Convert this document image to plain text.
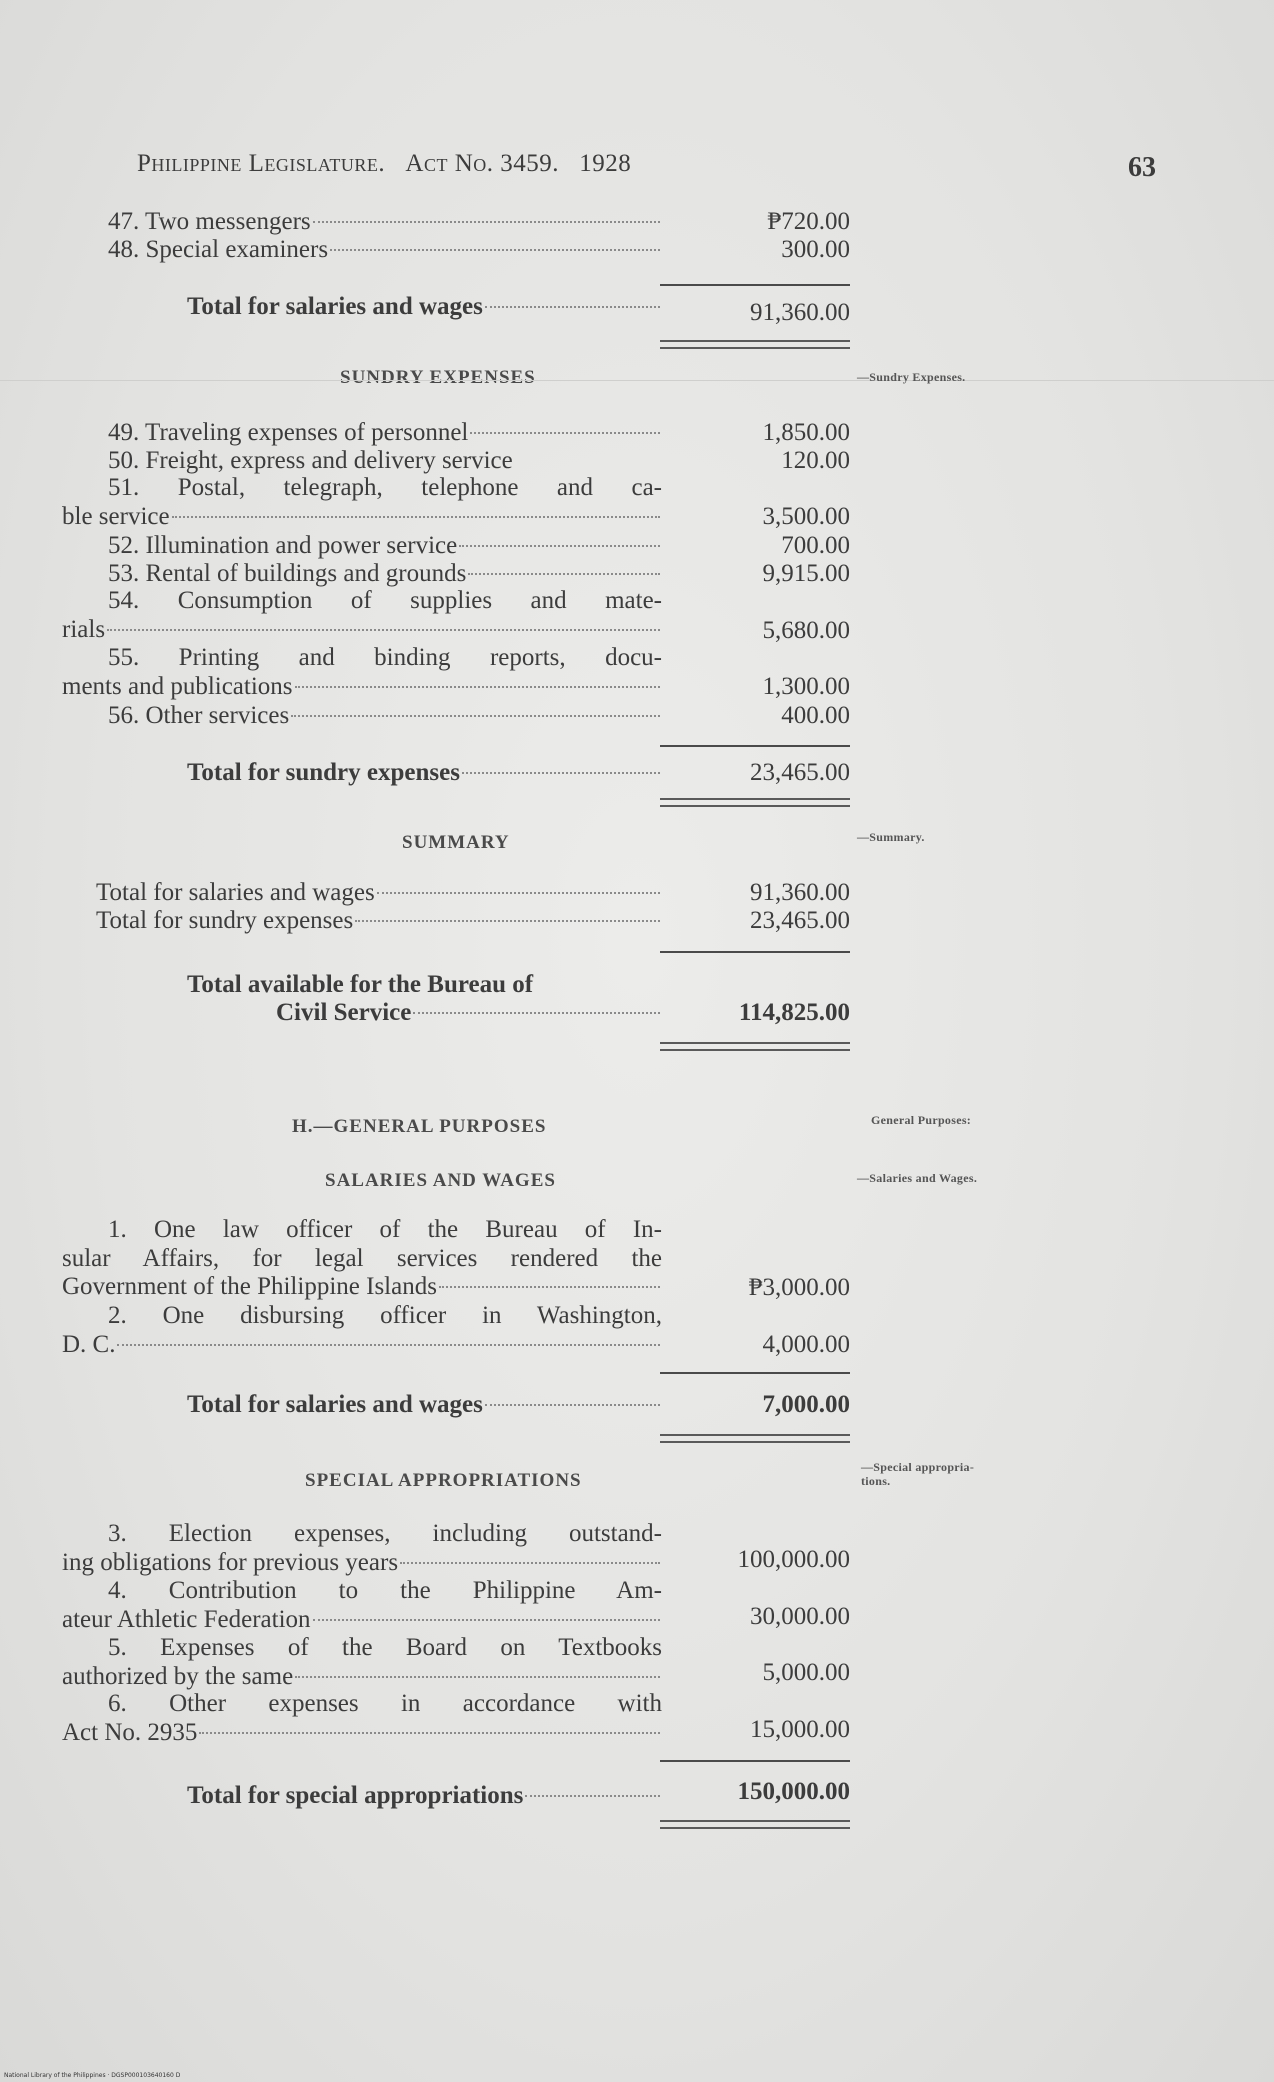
Philippine Legislature. Act No. 3459. 1928	63
47. Two messengers	₱720.00
48. Special examiners	300.00
Total for salaries and wages	91,360.00
SUNDRY EXPENSES	—Sundry Expenses.
49. Traveling expenses of personnel	1,850.00
50. Freight, express and delivery service	120.00
51. Postal, telegraph, telephone and ca-
ble service	3,500.00
52. Illumination and power service	700.00
53. Rental of buildings and grounds	9,915.00
54. Consumption of supplies and mate-
rials	5,680.00
55. Printing and binding reports, docu-
ments and publications	1,300.00
56. Other services	400.00
Total for sundry expenses	23,465.00
SUMMARY	—Summary.
Total for salaries and wages	91,360.00
Total for sundry expenses	23,465.00
Total available for the Bureau of
Civil Service	114,825.00
H.—GENERAL PURPOSES	General Purposes:
SALARIES AND WAGES	—Salaries and Wages.
1. One law officer of the Bureau of In-
sular Affairs, for legal services rendered the
Government of the Philippine Islands	₱3,000.00
2. One disbursing officer in Washington,
D. C.	4,000.00
Total for salaries and wages	7,000.00
SPECIAL APPROPRIATIONS
—Special appropria-
tions.
3. Election expenses, including outstand-
ing obligations for previous years	100,000.00
4. Contribution to the Philippine Am-
ateur Athletic Federation	30,000.00
5. Expenses of the Board on Textbooks
authorized by the same	5,000.00
6. Other expenses in accordance with
Act No. 2935	15,000.00
Total for special appropriations	150,000.00
National Library of the Philippines · DGSP000103640160 D
